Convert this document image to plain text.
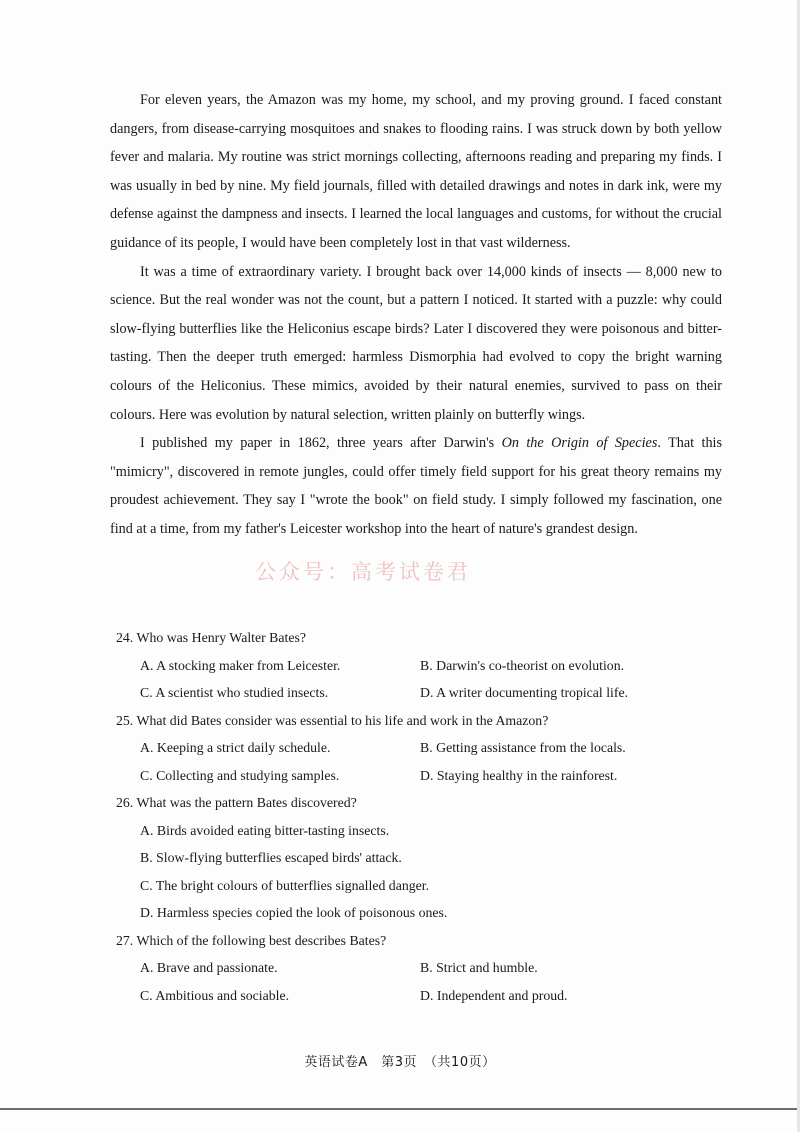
For eleven years, the Amazon was my home, my school, and my proving ground. I faced constant dangers, from disease-carrying mosquitoes and snakes to flooding rains. I was struck down by both yellow fever and malaria. My routine was strict mornings collecting, afternoons reading and preparing my finds. I was usually in bed by nine. My field journals, filled with detailed drawings and notes in dark ink, were my defense against the dampness and insects. I learned the local languages and customs, for without the crucial guidance of its people, I would have been completely lost in that vast wilderness.

It was a time of extraordinary variety. I brought back over 14,000 kinds of insects — 8,000 new to science. But the real wonder was not the count, but a pattern I noticed. It started with a puzzle: why could slow-flying butterflies like the Heliconius escape birds? Later I discovered they were poisonous and bitter-tasting. Then the deeper truth emerged: harmless Dismorphia had evolved to copy the bright warning colours of the Heliconius. These mimics, avoided by their natural enemies, survived to pass on their colours. Here was evolution by natural selection, written plainly on butterfly wings.

I published my paper in 1862, three years after Darwin's On the Origin of Species. That this "mimicry", discovered in remote jungles, could offer timely field support for his great theory remains my proudest achievement. They say I "wrote the book" on field study. I simply followed my fascination, one find at a time, from my father's Leicester workshop into the heart of nature's grandest design.

公众号：高考试卷君
24. Who was Henry Walter Bates?
A. A stocking maker from Leicester.	B. Darwin's co-theorist on evolution.
C. A scientist who studied insects.	D. A writer documenting tropical life.
25. What did Bates consider was essential to his life and work in the Amazon?
A. Keeping a strict daily schedule.	B. Getting assistance from the locals.
C. Collecting and studying samples.	D. Staying healthy in the rainforest.
26. What was the pattern Bates discovered?
A. Birds avoided eating bitter-tasting insects.
B. Slow-flying butterflies escaped birds' attack.
C. The bright colours of butterflies signalled danger.
D. Harmless species copied the look of poisonous ones.
27. Which of the following best describes Bates?
A. Brave and passionate.	B. Strict and humble.
C. Ambitious and sociable.	D. Independent and proud.
英语试卷A　第3页　（共10页）
